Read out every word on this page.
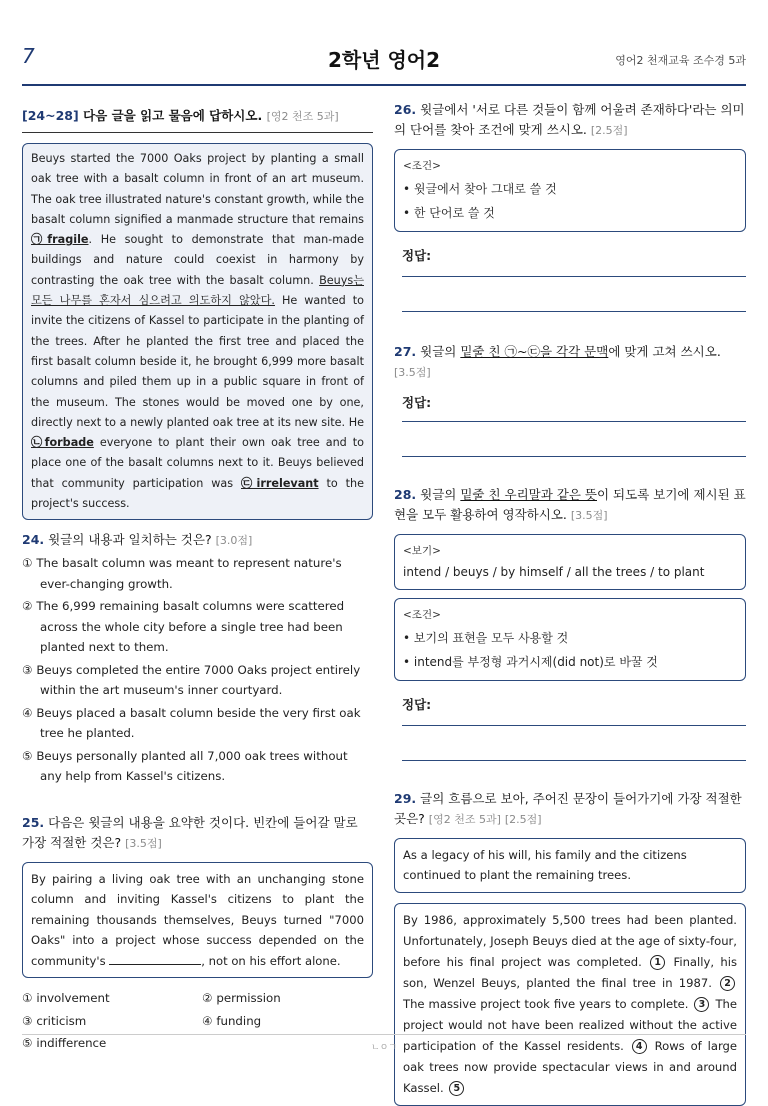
7	2학년 영어2	영어2 천재교육 조수경 5과
[24~28] 다음 글을 읽고 물음에 답하시오. [영2 천조 5과]
Beuys started the 7000 Oaks project by planting a small oak tree with a basalt column in front of an art museum. The oak tree illustrated nature's constant growth, while the basalt column signified a manmade structure that remains ㉠fragile. He sought to demonstrate that man-made buildings and nature could coexist in harmony by contrasting the oak tree with the basalt column. Beuys는 모든 나무를 혼자서 심으려고 의도하지 않았다. He wanted to invite the citizens of Kassel to participate in the planting of the trees. After he planted the first tree and placed the first basalt column beside it, he brought 6,999 more basalt columns and piled them up in a public square in front of the museum. The stones would be moved one by one, directly next to a newly planted oak tree at its new site. He ㉡forbade everyone to plant their own oak tree and to place one of the basalt columns next to it. Beuys believed that community participation was ㉢irrelevant to the project's success.
24. 윗글의 내용과 일치하는 것은? [3.0점]
① The basalt column was meant to represent nature's ever-changing growth.
② The 6,999 remaining basalt columns were scattered across the whole city before a single tree had been planted next to them.
③ Beuys completed the entire 7000 Oaks project entirely within the art museum's inner courtyard.
④ Beuys placed a basalt column beside the very first oak tree he planted.
⑤ Beuys personally planted all 7,000 oak trees without any help from Kassel's citizens.
25. 다음은 윗글의 내용을 요약한 것이다. 빈칸에 들어갈 말로 가장 적절한 것은? [3.5점]
By pairing a living oak tree with an unchanging stone column and inviting Kassel's citizens to plant the remaining thousands themselves, Beuys turned "7000 Oaks" into a project whose success depended on the community's	, not on his effort alone.
① involvement	② permission
③ criticism	④ funding
⑤ indifference
26. 윗글에서 '서로 다른 것들이 함께 어울려 존재하다'라는 의미의 단어를 찾아 조건에 맞게 쓰시오. [2.5점]
<조건>
• 윗글에서 찾아 그대로 쓸 것
• 한 단어로 쓸 것
정답:
27. 윗글의 밑줄 친 ㉠~㉢을 각각 문맥에 맞게 고쳐 쓰시오. [3.5점]
정답:
28. 윗글의 밑줄 친 우리말과 같은 뜻이 되도록 보기에 제시된 표현을 모두 활용하여 영작하시오. [3.5점]
<보기>
intend / beuys / by himself / all the trees / to plant
<조건>
• 보기의 표현을 모두 사용할 것
• intend를 부정형 과거시제(did not)로 바꿀 것
정답:
29. 글의 흐름으로 보아, 주어진 문장이 들어가기에 가장 적절한 곳은? [영2 천조 5과] [2.5점]
As a legacy of his will, his family and the citizens continued to plant the remaining trees.
By 1986, approximately 5,500 trees had been planted. Unfortunately, Joseph Beuys died at the age of sixty-four, before his final project was completed. 1 Finally, his son, Wenzel Beuys, planted the final tree in 1987. 2 The massive project took five years to complete. 3 The project would not have been realized without the active participation of the Kassel residents. 4 Rows of large oak trees now provide spectacular views in and around Kassel. 5
ㄴㅇㄱ
